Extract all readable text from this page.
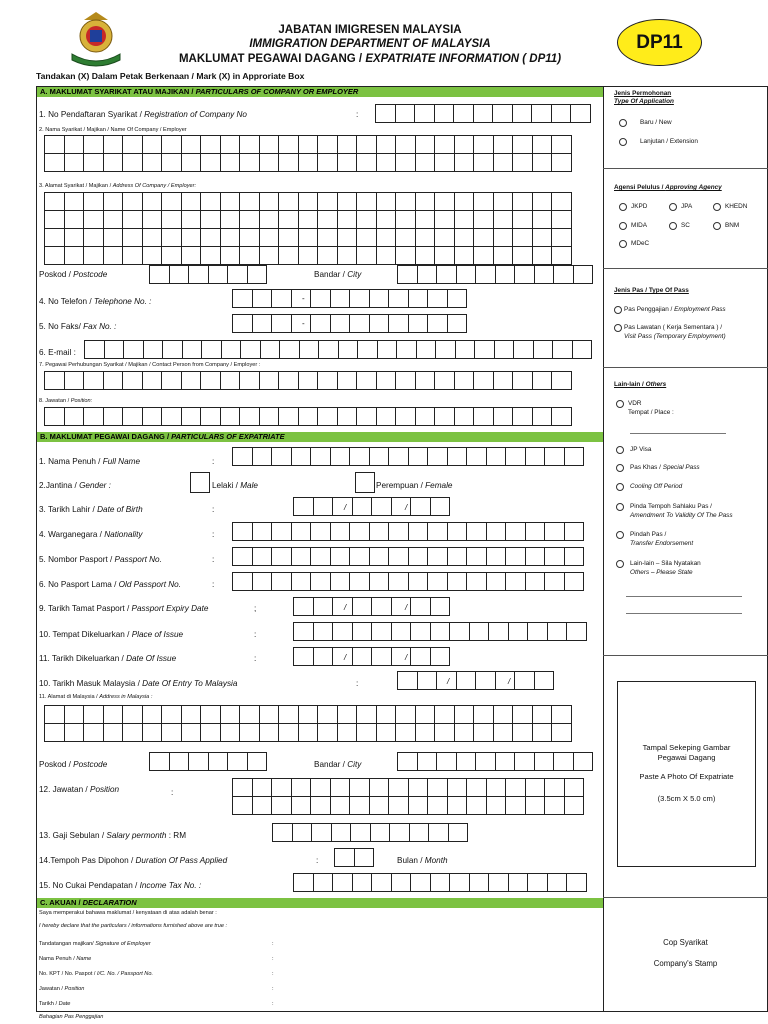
JABATAN IMIGRESEN MALAYSIA
IMMIGRATION DEPARTMENT OF MALAYSIA
MAKLUMAT PEGAWAI DAGANG / EXPATRIATE INFORMATION ( DP11)
DP11
Tandakan (X) Dalam Petak Berkenaan / Mark (X) in Approriate Box
A. MAKLUMAT SYARIKAT ATAU MAJIKAN / PARTICULARS OF COMPANY OR EMPLOYER
1. No Pendaftaran Syarikat / Registration of Company No	:
2. Nama Syarikat / Majikan / Name Of Company / Employer
3. Alamat Syarikat / Majikan / Address Of Company / Employer:
Poskod / Postcode	Bandar / City
4. No Telefon / Telephone No. :	-
5. No Faks/ Fax No. :	-
6. E-mail :
7. Pegawai Perhubungan Syarikat / Majikan / Contact Person from Company / Employer :
8. Jawatan / Position:
B. MAKLUMAT PEGAWAI DAGANG / PARTICULARS OF EXPATRIATE
1. Nama Penuh / Full Name	:
2.Jantina / Gender :	Lelaki / Male	Perempuan / Female
3. Tarikh Lahir / Date of Birth	:	/	/
4. Warganegara / Nationality	:
5. Nombor Pasport / Passport No.	:
6. No Pasport Lama / Old Passport No.	:
9. Tarikh Tamat Pasport / Passport Expiry Date	;	/	/
10. Tempat Dikeluarkan / Place of Issue	:
11. Tarikh Dikeluarkan / Date Of Issue	:	/	/
10. Tarikh Masuk Malaysia / Date Of Entry To Malaysia	:	/	/
11. Alamat di Malaysia / Address in Malaysia :
Poskod / Postcode	Bandar / City
12. Jawatan / Position	:
13. Gaji Sebulan / Salary permonth : RM
14.Tempoh Pas Dipohon / Duration Of Pass Applied	:	Bulan / Month
15. No Cukai Pendapatan / Income Tax No. :
C. AKUAN / DECLARATION
Saya memperakui bahawa maklumat / kenyataan di atas adalah benar :
I hereby declare that the particulars / informations furnished above are true :
Tandatangan majikan/ Signature of Employer	:
Nama Penuh / Name	:
No. KPT / No. Paspot / I/C. No. / Passport No.	:
Jawatan / Position	:
Tarikh / Date	:
Bahagian Pas Penggajian
Jenis Permohonan
Type Of Application
Baru / New
Lanjutan / Extension
Agensi Pelulus / Approving Agency
JKPD	JPA	KHEDN
MIDA	SC	BNM
MDeC
Jenis Pas / Type Of Pass
Pas Penggajian / Employment Pass
Pas Lawatan ( Kerja Sementara ) /
Visit Pass (Temporary Employment)
Lain-lain / Others
VDR
Tempat / Place :
JP Visa
Pas Khas / Special Pass
Cooling Off Period
Pinda Tempoh Sahlaku Pas /
Amendment To Validity Of The Pass
Pindah Pas /
Transfer Endorsement
Lain-lain – Sila Nyatakan
Others – Please State
Tampal Sekeping Gambar
Pegawai Dagang
Paste A Photo Of Expatriate
(3.5cm X 5.0 cm)
Cop Syarikat
Company's Stamp
